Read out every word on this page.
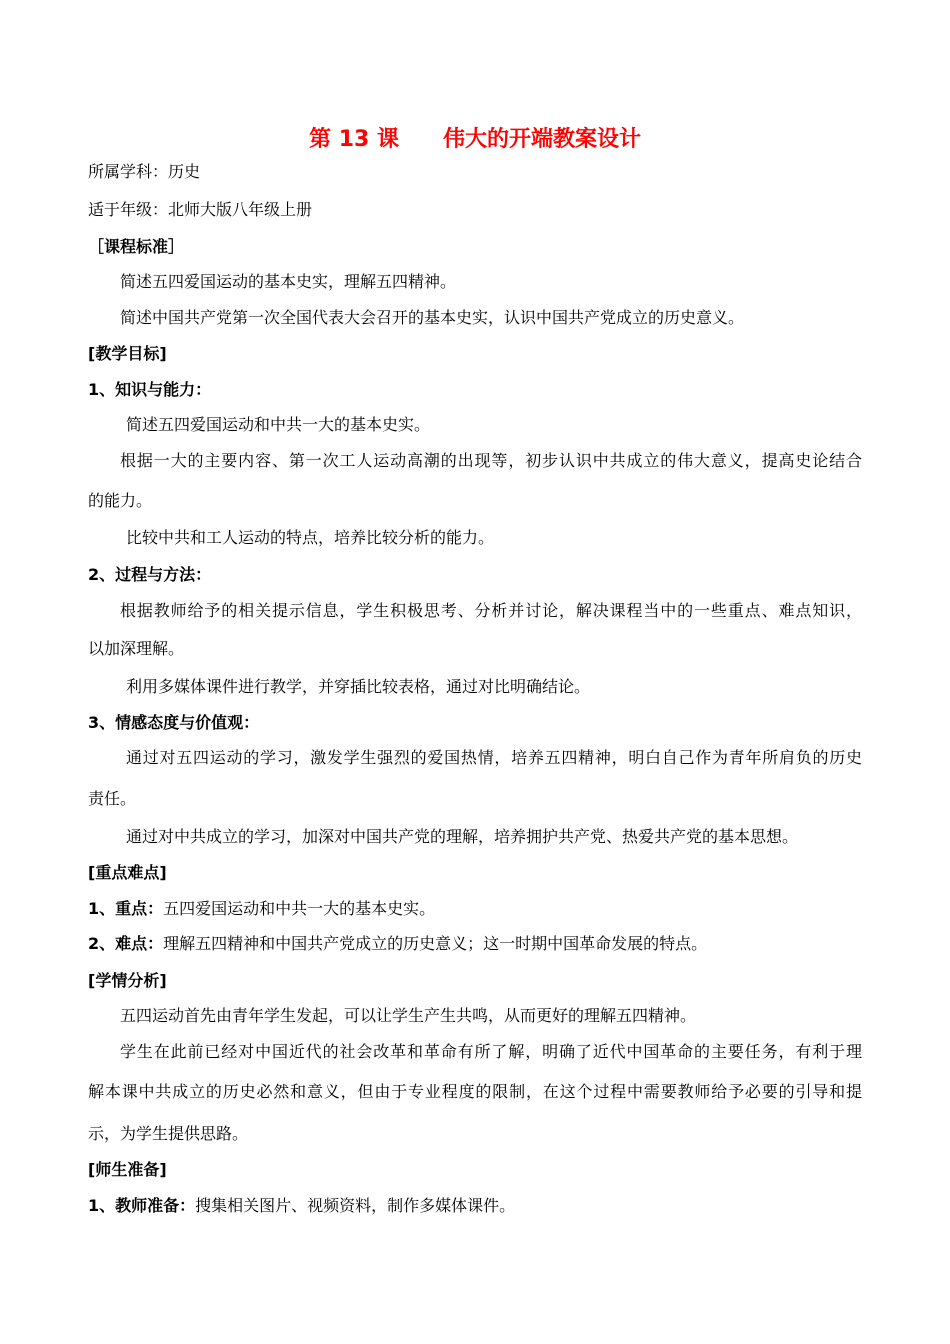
第 13 课　　伟大的开端教案设计
所属学科：历史
适于年级：北师大版八年级上册
［课程标准］
简述五四爱国运动的基本史实，理解五四精神。
简述中国共产党第一次全国代表大会召开的基本史实，认识中国共产党成立的历史意义。
[教学目标]
1、知识与能力：
简述五四爱国运动和中共一大的基本史实。
根据一大的主要内容、第一次工人运动高潮的出现等，初步认识中共成立的伟大意义，提高史论结合
的能力。
比较中共和工人运动的特点，培养比较分析的能力。
2、过程与方法：
根据教师给予的相关提示信息，学生积极思考、分析并讨论，解决课程当中的一些重点、难点知识，
以加深理解。
利用多媒体课件进行教学，并穿插比较表格，通过对比明确结论。
3、情感态度与价值观：
通过对五四运动的学习，激发学生强烈的爱国热情，培养五四精神，明白自己作为青年所肩负的历史
责任。
通过对中共成立的学习，加深对中国共产党的理解，培养拥护共产党、热爱共产党的基本思想。
[重点难点]
1、重点：五四爱国运动和中共一大的基本史实。
2、难点：理解五四精神和中国共产党成立的历史意义；这一时期中国革命发展的特点。
[学情分析]
五四运动首先由青年学生发起，可以让学生产生共鸣，从而更好的理解五四精神。
学生在此前已经对中国近代的社会改革和革命有所了解，明确了近代中国革命的主要任务，有利于理
解本课中共成立的历史必然和意义，但由于专业程度的限制，在这个过程中需要教师给予必要的引导和提
示，为学生提供思路。
[师生准备]
1、教师准备：搜集相关图片、视频资料，制作多媒体课件。
